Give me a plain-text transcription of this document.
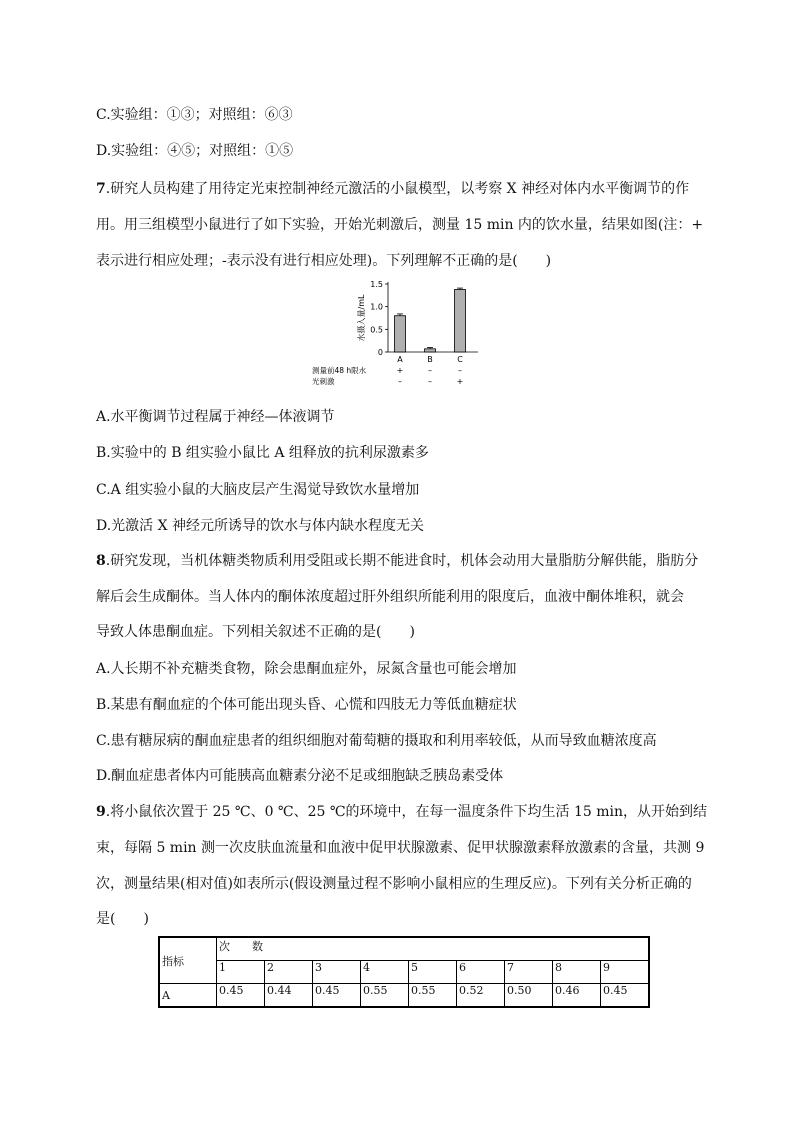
C.实验组：①③；对照组：⑥③
D.实验组：④⑤；对照组：①⑤
7.研究人员构建了用待定光束控制神经元激活的小鼠模型，以考察 X 神经对体内水平衡调节的作
用。用三组模型小鼠进行了如下实验，开始光刺激后，测量 15 min 内的饮水量，结果如图(注：+
表示进行相应处理；-表示没有进行相应处理)。下列理解不正确的是(　　)
0
0.5
1.0
1.5
水摄入量/mL
A	B	C
测量前48 h限水	+	–	–
光刺激	–	–	+
A.水平衡调节过程属于神经—体液调节
B.实验中的 B 组实验小鼠比 A 组释放的抗利尿激素多
C.A 组实验小鼠的大脑皮层产生渴觉导致饮水量增加
D.光激活 X 神经元所诱导的饮水与体内缺水程度无关
8.研究发现，当机体糖类物质利用受阻或长期不能进食时，机体会动用大量脂肪分解供能，脂肪分
解后会生成酮体。当人体内的酮体浓度超过肝外组织所能利用的限度后，血液中酮体堆积，就会
导致人体患酮血症。下列相关叙述不正确的是(　　)
A.人长期不补充糖类食物，除会患酮血症外，尿氮含量也可能会增加
B.某患有酮血症的个体可能出现头昏、心慌和四肢无力等低血糖症状
C.患有糖尿病的酮血症患者的组织细胞对葡萄糖的摄取和利用率较低，从而导致血糖浓度高
D.酮血症患者体内可能胰高血糖素分泌不足或细胞缺乏胰岛素受体
9.将小鼠依次置于 25 ℃、0 ℃、25 ℃的环境中，在每一温度条件下均生活 15 min，从开始到结
束，每隔 5 min 测一次皮肤血流量和血液中促甲状腺激素、促甲状腺激素释放激素的含量，共测 9
次，测量结果(相对值)如表所示(假设测量过程不影响小鼠相应的生理反应)。下列有关分析正确的
是(　　)
指标	次　　数								
	1	2	3	4	5	6	7	8	9
A	0.45	0.44	0.45	0.55	0.55	0.52	0.50	0.46	0.45
